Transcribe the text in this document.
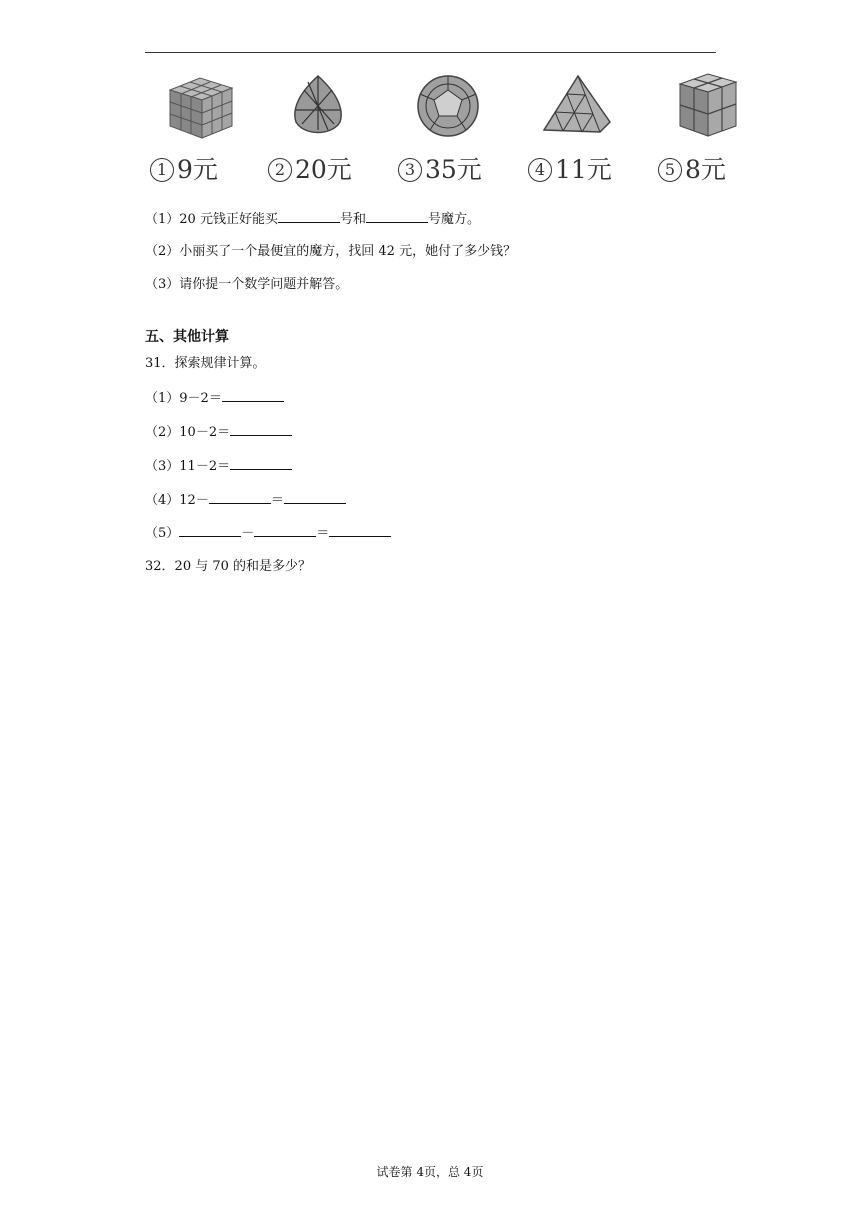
1 9元	2 20元	3 35元	4 11元	5 8元
（1）20 元钱正好能买	号和	号魔方。
（2）小丽买了一个最便宜的魔方，找回 42 元，她付了多少钱？
（3）请你提一个数学问题并解答。
五、其他计算
31．探索规律计算。
（1）9－2＝
（2）10－2＝
（3）11－2＝
（4）12－	＝
（5）	－	＝
32．20 与 70 的和是多少？
试卷第 4页，总 4页
